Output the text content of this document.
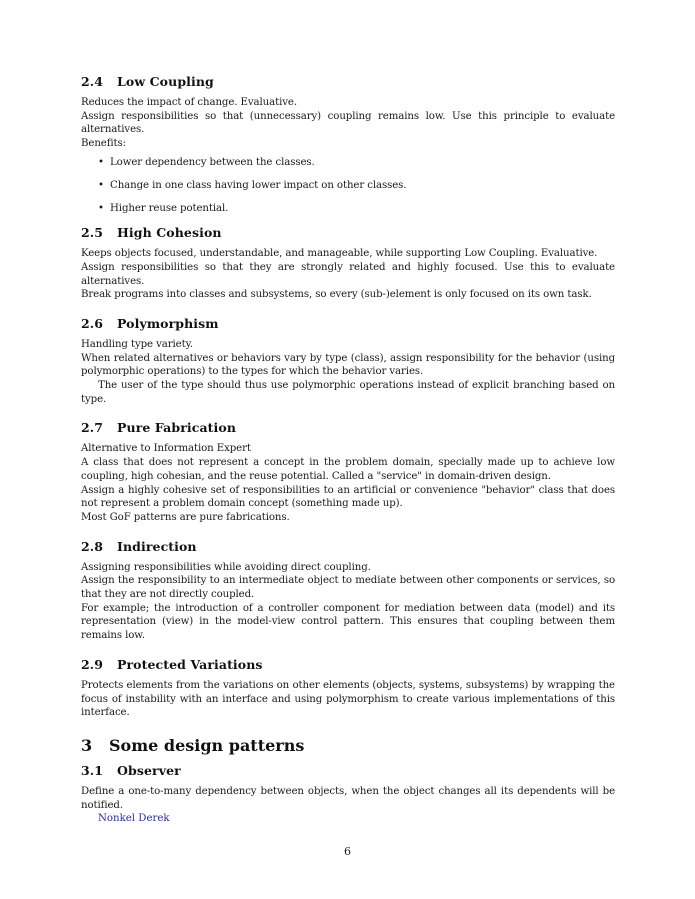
2.4 Low Coupling

Reduces the impact of change. Evaluative.

Assign responsibilities so that (unnecessary) coupling remains low. Use this principle to evaluate alternatives.

Benefits:

• Lower dependency between the classes.
• Change in one class having lower impact on other classes.
• Higher reuse potential.
2.5 High Cohesion

Keeps objects focused, understandable, and manageable, while supporting Low Coupling. Evaluative.

Assign responsibilities so that they are strongly related and highly focused. Use this to evaluate alternatives.

Break programs into classes and subsystems, so every (sub-)element is only focused on its own task.

2.6 Polymorphism

Handling type variety.

When related alternatives or behaviors vary by type (class), assign responsibility for the behavior (using polymorphic operations) to the types for which the behavior varies.

The user of the type should thus use polymorphic operations instead of explicit branching based on type.

2.7 Pure Fabrication

Alternative to Information Expert

A class that does not represent a concept in the problem domain, specially made up to achieve low coupling, high cohesian, and the reuse potential. Called a "service" in domain-driven design.

Assign a highly cohesive set of responsibilities to an artificial or convenience "behavior" class that does not represent a problem domain concept (something made up).

Most GoF patterns are pure fabrications.

2.8 Indirection

Assigning responsibilities while avoiding direct coupling.

Assign the responsibility to an intermediate object to mediate between other components or services, so that they are not directly coupled.

For example; the introduction of a controller component for mediation between data (model) and its representation (view) in the model-view control pattern. This ensures that coupling between them remains low.

2.9 Protected Variations

Protects elements from the variations on other elements (objects, systems, subsystems) by wrapping the focus of instability with an interface and using polymorphism to create various implementations of this interface.

3 Some design patterns
3.1 Observer

Define a one-to-many dependency between objects, when the object changes all its dependents will be notified.

Nonkel Derek
6
